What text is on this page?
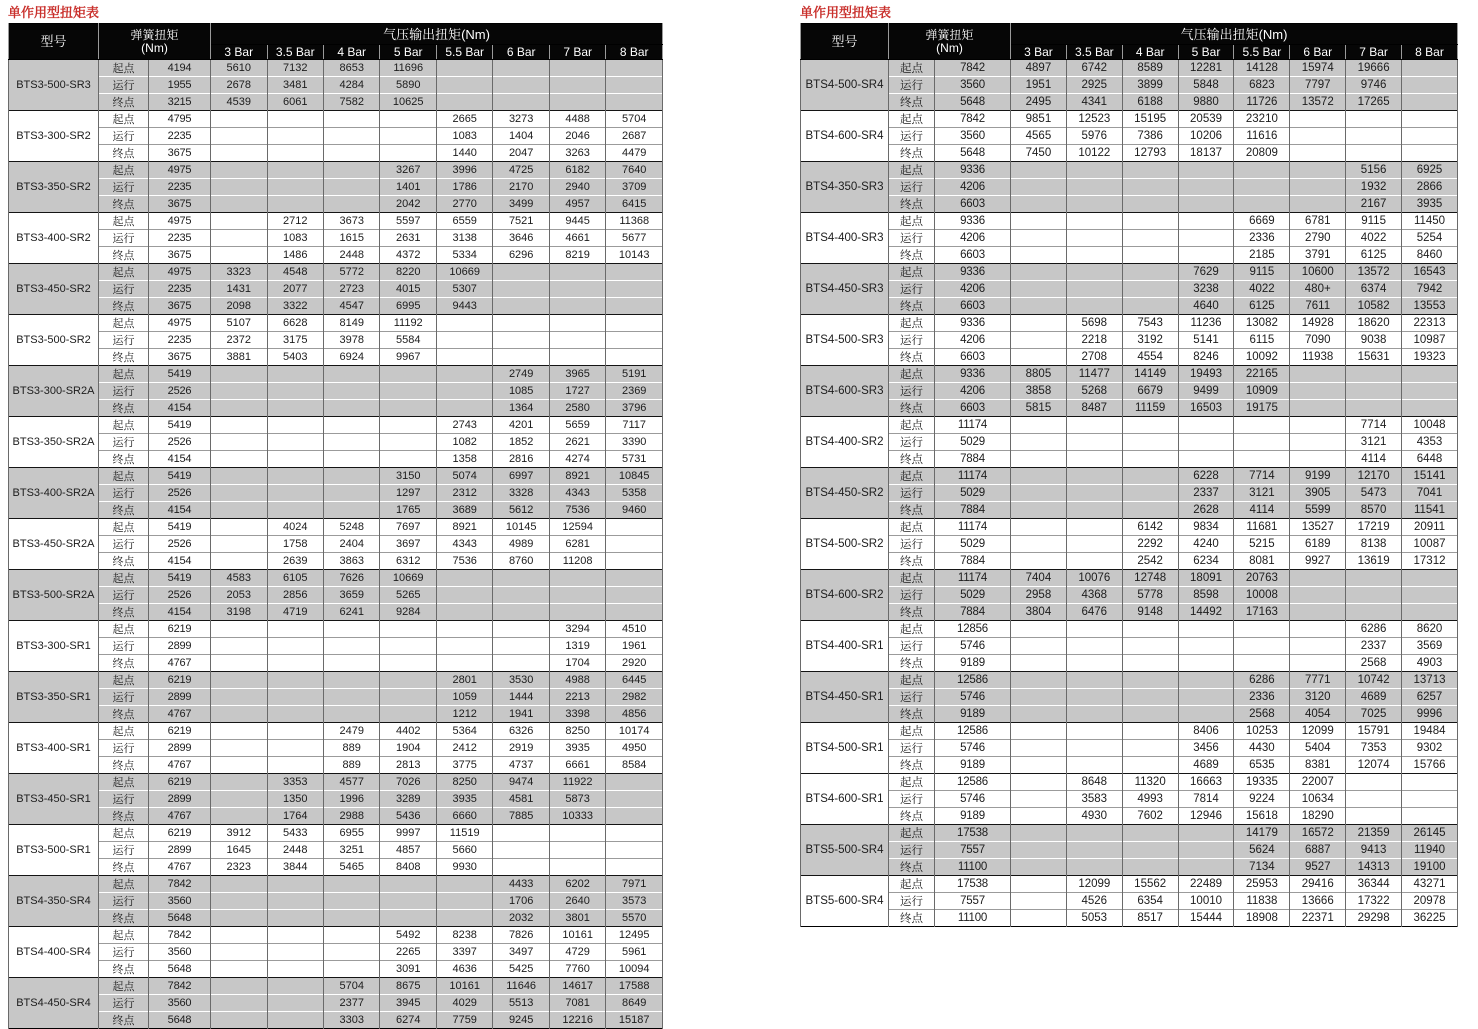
单作用型扭矩表
型号	弹簧扭矩
(Nm)		气压输出扭矩(Nm)							
			3 Bar	3.5 Bar	4 Bar	5 Bar	5.5 Bar	6 Bar	7 Bar	8 Bar
BTS3-500-SR3	起点	4194	5610	7132	8653	11696				
	运行	1955	2678	3481	4284	5890				
	终点	3215	4539	6061	7582	10625				
BTS3-300-SR2	起点	4795					2665	3273	4488	5704
	运行	2235					1083	1404	2046	2687
	终点	3675					1440	2047	3263	4479
BTS3-350-SR2	起点	4975				3267	3996	4725	6182	7640
	运行	2235				1401	1786	2170	2940	3709
	终点	3675				2042	2770	3499	4957	6415
BTS3-400-SR2	起点	4975		2712	3673	5597	6559	7521	9445	11368
	运行	2235		1083	1615	2631	3138	3646	4661	5677
	终点	3675		1486	2448	4372	5334	6296	8219	10143
BTS3-450-SR2	起点	4975	3323	4548	5772	8220	10669			
	运行	2235	1431	2077	2723	4015	5307			
	终点	3675	2098	3322	4547	6995	9443			
BTS3-500-SR2	起点	4975	5107	6628	8149	11192				
	运行	2235	2372	3175	3978	5584				
	终点	3675	3881	5403	6924	9967				
BTS3-300-SR2A	起点	5419						2749	3965	5191
	运行	2526						1085	1727	2369
	终点	4154						1364	2580	3796
BTS3-350-SR2A	起点	5419					2743	4201	5659	7117
	运行	2526					1082	1852	2621	3390
	终点	4154					1358	2816	4274	5731
BTS3-400-SR2A	起点	5419				3150	5074	6997	8921	10845
	运行	2526				1297	2312	3328	4343	5358
	终点	4154				1765	3689	5612	7536	9460
BTS3-450-SR2A	起点	5419		4024	5248	7697	8921	10145	12594	
	运行	2526		1758	2404	3697	4343	4989	6281	
	终点	4154		2639	3863	6312	7536	8760	11208	
BTS3-500-SR2A	起点	5419	4583	6105	7626	10669				
	运行	2526	2053	2856	3659	5265				
	终点	4154	3198	4719	6241	9284				
BTS3-300-SR1	起点	6219							3294	4510
	运行	2899							1319	1961
	终点	4767							1704	2920
BTS3-350-SR1	起点	6219					2801	3530	4988	6445
	运行	2899					1059	1444	2213	2982
	终点	4767					1212	1941	3398	4856
BTS3-400-SR1	起点	6219			2479	4402	5364	6326	8250	10174
	运行	2899			889	1904	2412	2919	3935	4950
	终点	4767			889	2813	3775	4737	6661	8584
BTS3-450-SR1	起点	6219		3353	4577	7026	8250	9474	11922	
	运行	2899		1350	1996	3289	3935	4581	5873	
	终点	4767		1764	2988	5436	6660	7885	10333	
BTS3-500-SR1	起点	6219	3912	5433	6955	9997	11519			
	运行	2899	1645	2448	3251	4857	5660			
	终点	4767	2323	3844	5465	8408	9930			
BTS4-350-SR4	起点	7842						4433	6202	7971
	运行	3560						1706	2640	3573
	终点	5648						2032	3801	5570
BTS4-400-SR4	起点	7842				5492	8238	7826	10161	12495
	运行	3560				2265	3397	3497	4729	5961
	终点	5648				3091	4636	5425	7760	10094
BTS4-450-SR4	起点	7842			5704	8675	10161	11646	14617	17588
	运行	3560			2377	3945	4029	5513	7081	8649
	终点	5648			3303	6274	7759	9245	12216	15187
单作用型扭矩表
型号	弹簧扭矩
(Nm)		气压输出扭矩(Nm)							
			3 Bar	3.5 Bar	4 Bar	5 Bar	5.5 Bar	6 Bar	7 Bar	8 Bar
BTS4-500-SR4	起点	7842	4897	6742	8589	12281	14128	15974	19666	
	运行	3560	1951	2925	3899	5848	6823	7797	9746	
	终点	5648	2495	4341	6188	9880	11726	13572	17265	
BTS4-600-SR4	起点	7842	9851	12523	15195	20539	23210			
	运行	3560	4565	5976	7386	10206	11616			
	终点	5648	7450	10122	12793	18137	20809			
BTS4-350-SR3	起点	9336							5156	6925
	运行	4206							1932	2866
	终点	6603							2167	3935
BTS4-400-SR3	起点	9336					6669	6781	9115	11450
	运行	4206					2336	2790	4022	5254
	终点	6603					2185	3791	6125	8460
BTS4-450-SR3	起点	9336				7629	9115	10600	13572	16543
	运行	4206				3238	4022	480+	6374	7942
	终点	6603				4640	6125	7611	10582	13553
BTS4-500-SR3	起点	9336		5698	7543	11236	13082	14928	18620	22313
	运行	4206		2218	3192	5141	6115	7090	9038	10987
	终点	6603		2708	4554	8246	10092	11938	15631	19323
BTS4-600-SR3	起点	9336	8805	11477	14149	19493	22165			
	运行	4206	3858	5268	6679	9499	10909			
	终点	6603	5815	8487	11159	16503	19175			
BTS4-400-SR2	起点	11174							7714	10048
	运行	5029							3121	4353
	终点	7884							4114	6448
BTS4-450-SR2	起点	11174				6228	7714	9199	12170	15141
	运行	5029				2337	3121	3905	5473	7041
	终点	7884				2628	4114	5599	8570	11541
BTS4-500-SR2	起点	11174			6142	9834	11681	13527	17219	20911
	运行	5029			2292	4240	5215	6189	8138	10087
	终点	7884			2542	6234	8081	9927	13619	17312
BTS4-600-SR2	起点	11174	7404	10076	12748	18091	20763			
	运行	5029	2958	4368	5778	8598	10008			
	终点	7884	3804	6476	9148	14492	17163			
BTS4-400-SR1	起点	12856							6286	8620
	运行	5746							2337	3569
	终点	9189							2568	4903
BTS4-450-SR1	起点	12586					6286	7771	10742	13713
	运行	5746					2336	3120	4689	6257
	终点	9189					2568	4054	7025	9996
BTS4-500-SR1	起点	12586				8406	10253	12099	15791	19484
	运行	5746				3456	4430	5404	7353	9302
	终点	9189				4689	6535	8381	12074	15766
BTS4-600-SR1	起点	12586		8648	11320	16663	19335	22007		
	运行	5746		3583	4993	7814	9224	10634		
	终点	9189		4930	7602	12946	15618	18290		
BTS5-500-SR4	起点	17538					14179	16572	21359	26145
	运行	7557					5624	6887	9413	11940
	终点	11100					7134	9527	14313	19100
BTS5-600-SR4	起点	17538		12099	15562	22489	25953	29416	36344	43271
	运行	7557		4526	6354	10010	11838	13666	17322	20978
	终点	11100		5053	8517	15444	18908	22371	29298	36225
